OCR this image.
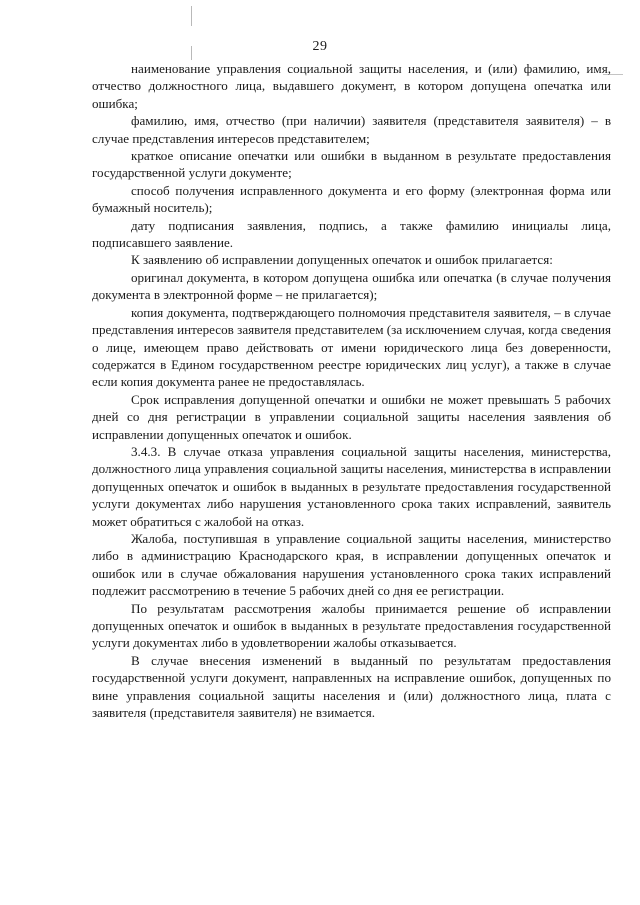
29

наименование управления социальной защиты населения, и (или) фамилию, имя, отчество должностного лица, выдавшего документ, в котором допущена опечатка или ошибка;

фамилию, имя, отчество (при наличии) заявителя (представителя заявителя) – в случае представления интересов представителем;

краткое описание опечатки или ошибки в выданном в результате предоставления государственной услуги документе;

способ получения исправленного документа и его форму (электронная форма или бумажный носитель);

дату подписания заявления, подпись, а также фамилию инициалы лица, подписавшего заявление.

К заявлению об исправлении допущенных опечаток и ошибок прилагается:

оригинал документа, в котором допущена ошибка или опечатка (в случае получения документа в электронной форме – не прилагается);

копия документа, подтверждающего полномочия представителя заявителя, – в случае представления интересов заявителя представителем (за исключением случая, когда сведения о лице, имеющем право действовать от имени юридического лица без доверенности, содержатся в Едином государственном реестре юридических лиц услуг), а также в случае если копия документа ранее не предоставлялась.

Срок исправления допущенной опечатки и ошибки не может превышать 5 рабочих дней со дня регистрации в управлении социальной защиты населения заявления об исправлении допущенных опечаток и ошибок.

3.4.3. В случае отказа управления социальной защиты населения, министерства, должностного лица управления социальной защиты населения, министерства в исправлении допущенных опечаток и ошибок в выданных в результате предоставления государственной услуги документах либо нарушения установленного срока таких исправлений, заявитель может обратиться с жалобой на отказ.

Жалоба, поступившая в управление социальной защиты населения, министерство либо в администрацию Краснодарского края, в исправлении допущенных опечаток и ошибок или в случае обжалования нарушения установленного срока таких исправлений подлежит рассмотрению в течение 5 рабочих дней со дня ее регистрации.

По результатам рассмотрения жалобы принимается решение об исправлении допущенных опечаток и ошибок в выданных в результате предоставления государственной услуги документах либо в удовлетворении жалобы отказывается.

В случае внесения изменений в выданный по результатам предоставления государственной услуги документ, направленных на исправление ошибок, допущенных по вине управления социальной защиты населения и (или) должностного лица, плата с заявителя (представителя заявителя) не взимается.
